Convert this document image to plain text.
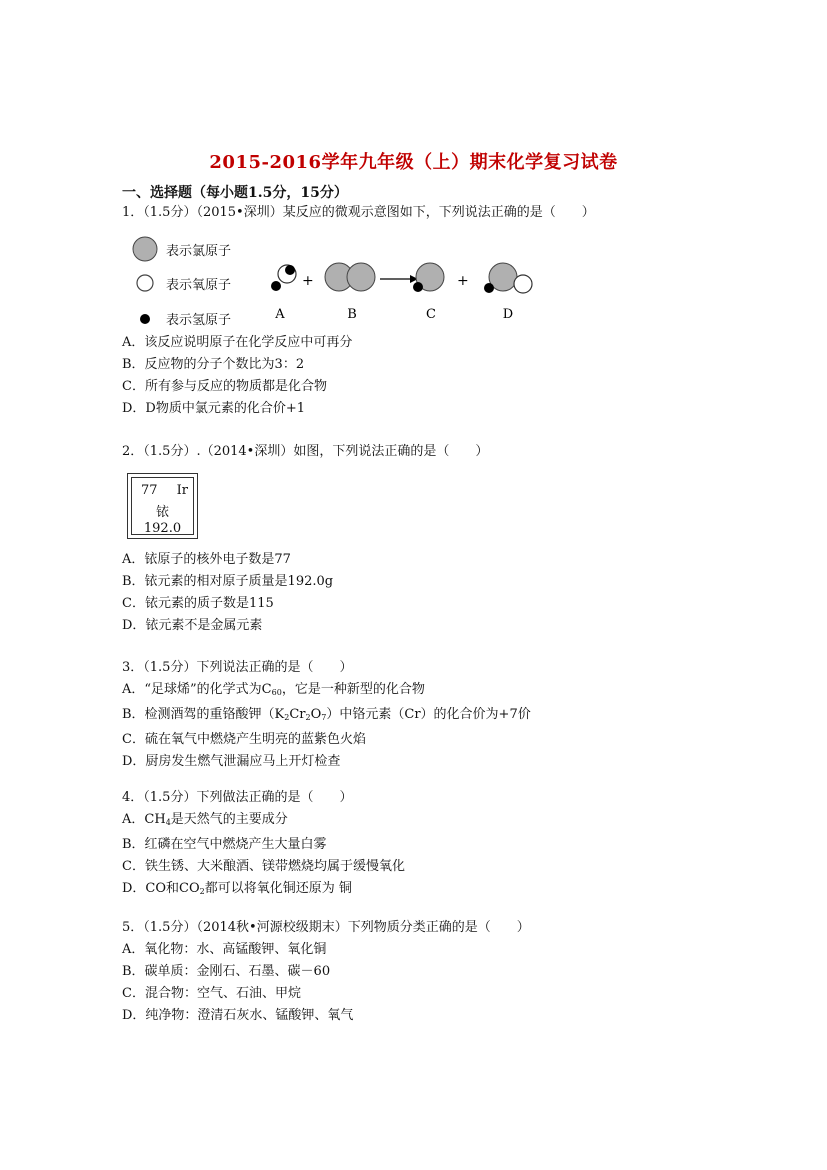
2015-2016学年九年级（上）期末化学复习试卷
一、选择题（每小题1.5分，15分）
1．（1.5分）（2015•深圳）某反应的微观示意图如下，下列说法正确的是（　　）
表示氯原子
表示氧原子
表示氢原子
+	+
A	B	C	D
A．该反应说明原子在化学反应中可再分
B．反应物的分子个数比为3：2
C．所有参与反应的物质都是化合物
D．D物质中氯元素的化合价+1
2．（1.5分）.（2014•深圳）如图，下列说法正确的是（　　）
77 Ir
铱
192.0
A．铱原子的核外电子数是77
B．铱元素的相对原子质量是192.0g
C．铱元素的质子数是115
D．铱元素不是金属元素
3．（1.5分）下列说法正确的是（　　）
A．“足球烯”的化学式为$C_{60}$，它是一种新型的化合物
B．检测酒驾的重铬酸钾$(K_2Cr_2O_7)$中铬元素（Cr）的化合价为+7价
C．硫在氧气中燃烧产生明亮的蓝紫色火焰
D．厨房发生燃气泄漏应马上开灯检查
4．（1.5分）下列做法正确的是（　　）
A．$CH_4$是天然气的主要成分
B．红磷在空气中燃烧产生大量白雾
C．铁生锈、大米酿酒、镁带燃烧均属于缓慢氧化
D．CO和$CO_2$都可以将氧化铜还原为 铜
5．（1.5分）（2014秋•河源校级期末）下列物质分类正确的是（　　）
A．氧化物：水、高锰酸钾、氧化铜
B．碳单质：金刚石、石墨、碳－60
C．混合物：空气、石油、甲烷
D．纯净物：澄清石灰水、锰酸钾、氧气
